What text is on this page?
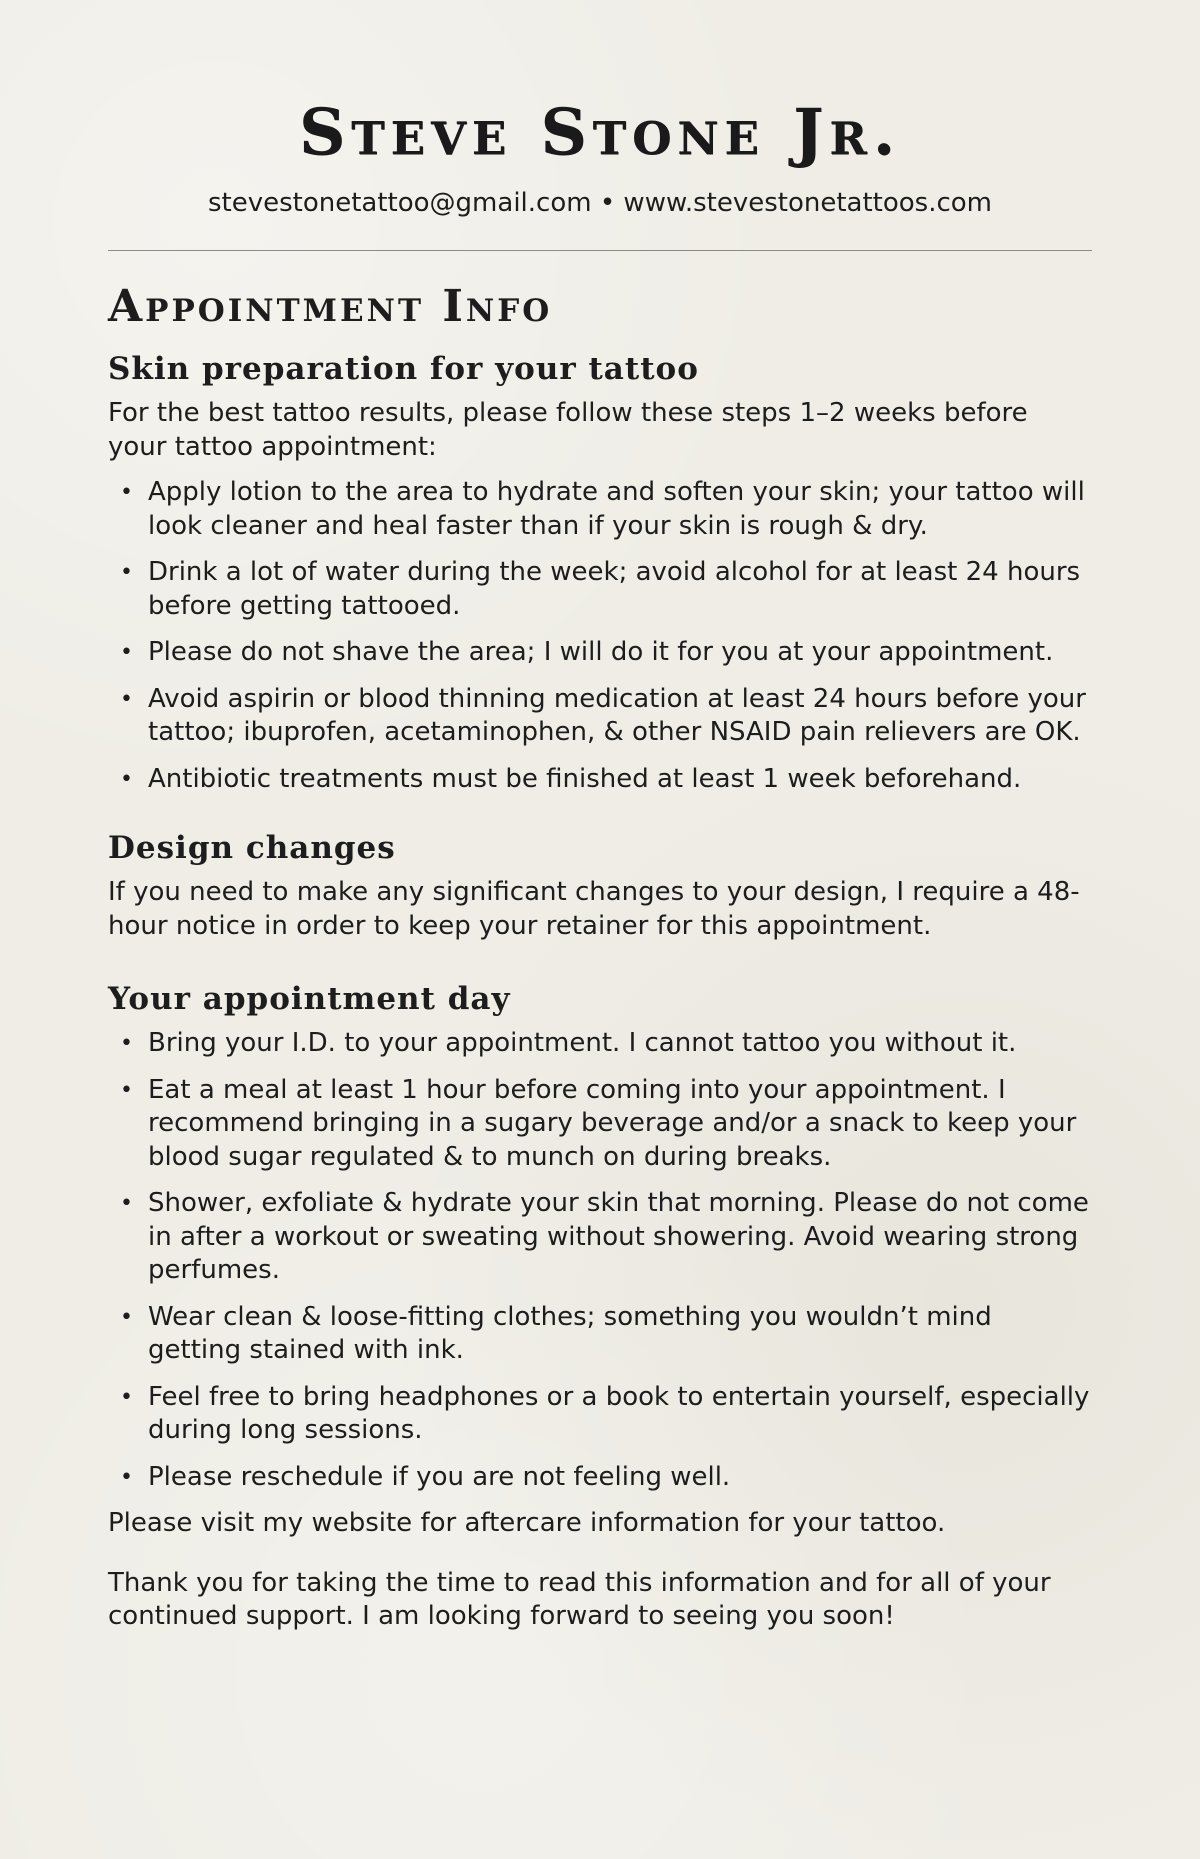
Steve Stone Jr.
stevestonetattoo@gmail.com • www.stevestonetattoos.com
Appointment Info
Skin preparation for your tattoo

For the best tattoo results, please follow these steps 1–2 weeks before your tattoo appointment:

• Apply lotion to the area to hydrate and soften your skin; your tattoo will look cleaner and heal faster than if your skin is rough & dry.
• Drink a lot of water during the week; avoid alcohol for at least 24 hours before getting tattooed.
• Please do not shave the area; I will do it for you at your appointment.
• Avoid aspirin or blood thinning medication at least 24 hours before your tattoo; ibuprofen, acetaminophen, & other NSAID pain relievers are OK.
• Antibiotic treatments must be finished at least 1 week beforehand.
Design changes

If you need to make any significant changes to your design, I require a 48-hour notice in order to keep your retainer for this appointment.

Your appointment day
• Bring your I.D. to your appointment. I cannot tattoo you without it.
• Eat a meal at least 1 hour before coming into your appointment. I recommend bringing in a sugary beverage and/or a snack to keep your blood sugar regulated & to munch on during breaks.
• Shower, exfoliate & hydrate your skin that morning. Please do not come in after a workout or sweating without showering. Avoid wearing strong perfumes.
• Wear clean & loose-fitting clothes; something you wouldn’t mind getting stained with ink.
• Feel free to bring headphones or a book to entertain yourself, especially during long sessions.
• Please reschedule if you are not feeling well.

Please visit my website for aftercare information for your tattoo.

Thank you for taking the time to read this information and for all of your continued support. I am looking forward to seeing you soon!
